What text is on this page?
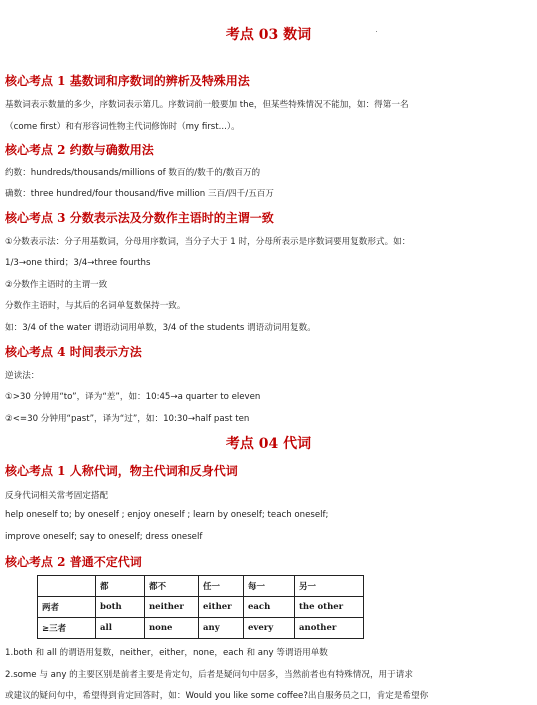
考点 03 数词
核心考点 1 基数词和序数词的辨析及特殊用法
基数词表示数量的多少，序数词表示第几。序数词前一般要加 the，但某些特殊情况不能加，如：得第一名
（come first）和有形容词性物主代词修饰时（my first...）。
核心考点 2 约数与确数用法
约数：hundreds/thousands/millions of 数百的/数千的/数百万的
确数：three hundred/four thousand/five million 三百/四千/五百万
核心考点 3 分数表示法及分数作主语时的主谓一致
①分数表示法：分子用基数词，分母用序数词，当分子大于 1 时，分母所表示是序数词要用复数形式。如：
1/3→one third；3/4→three fourths
②分数作主语时的主谓一致
分数作主语时，与其后的名词单复数保持一致。
如：3/4 of the water 谓语动词用单数，3/4 of the students 谓语动词用复数。
核心考点 4 时间表示方法
逆读法：
①>30 分钟用“to”，译为“差”，如：10:45→a quarter to eleven
②<=30 分钟用“past”，译为“过”，如：10:30→half past ten
考点 04 代词
核心考点 1 人称代词，物主代词和反身代词
反身代词相关常考固定搭配
help oneself to; by oneself ; enjoy oneself ; learn by oneself; teach oneself;
improve oneself; say to oneself; dress oneself
核心考点 2 普通不定代词
	都	都不	任一	每一	另一
两者	both	neither	either	each	the other
≥三者	all	none	any	every	another
1.both 和 all 的谓语用复数，neither，either，none，each 和 any 等谓语用单数
2.some 与 any 的主要区别是前者主要是肯定句，后者是疑问句中居多，当然前者也有特殊情况，用于请求
或建议的疑问句中，希望得到肯定回答时，如：Would you like some coffee?出自服务员之口，肯定是希望你
